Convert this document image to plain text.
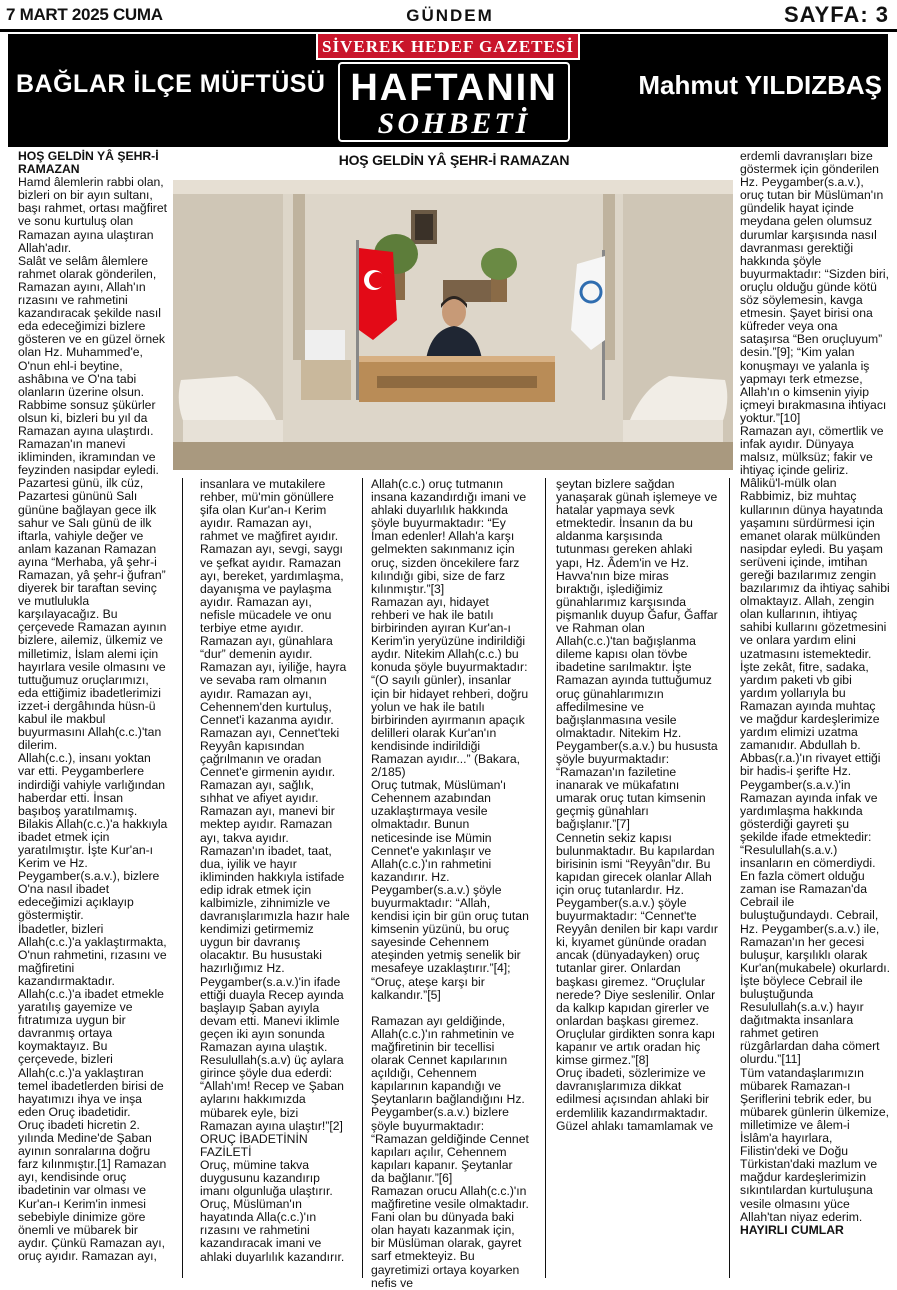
7 MART 2025 CUMA	GÜNDEM	SAYFA: 3
SİVEREK HEDEF GAZETESİ
BAĞLAR İLÇE MÜFTÜSÜ HAFTANIN
SOHBETİ
Mahmut YILDIZBAŞ
HOŞ GELDİN YÂ ŞEHR-İ RAMAZAN

HOŞ GELDİN YÂ ŞEHR-İ RAMAZAN

Hamd âlemlerin rabbi olan, bizleri on bir ayın sultanı, başı rahmet, ortası mağfiret ve sonu kurtuluş olan Ramazan ayına ulaştıran Allah'adır.

Salât ve selâm âlemlere rahmet olarak gönderilen, Ramazan ayını, Allah'ın rızasını ve rahmetini kazandıracak şekilde nasıl eda edeceğimizi bizlere gösteren ve en güzel örnek olan Hz. Muhammed'e, O'nun ehl-i beytine, ashâbına ve O'na tabi olanların üzerine olsun. Rabbime sonsuz şükürler olsun ki, bizleri bu yıl da Ramazan ayına ulaştırdı. Ramazan'ın manevi ikliminden, ikramından ve feyzinden nasipdar eyledi. Pazartesi günü, ilk cüz, Pazartesi gününü Salı gününe bağlayan gece ilk sahur ve Salı günü de ilk iftarla, vahiyle değer ve anlam kazanan Ramazan ayına “Merhaba, yâ şehr-i Ramazan, yâ şehr-i ğufran” diyerek bir taraftan sevinç ve mutlulukla karşılayacağız. Bu çerçevede Ramazan ayının bizlere, ailemiz, ülkemiz ve milletimiz, İslam alemi için hayırlara vesile olmasını ve tuttuğumuz oruçlarımızı, eda ettiğimiz ibadetlerimizi izzet-i dergâhında hüsn-ü kabul ile makbul buyurmasını Allah(c.c.)'tan dilerim.

Allah(c.c.), insanı yoktan var etti. Peygamberlere indirdiği vahiyle varlığından haberdar etti. İnsan başıboş yaratılmamış. Bilakis Allah(c.c.)'a hakkıyla ibadet etmek için yaratılmıştır. İşte Kur'an-ı Kerim ve Hz. Peygamber(s.a.v.), bizlere O'na nasıl ibadet edeceğimizi açıklayıp göstermiştir.

İbadetler, bizleri Allah(c.c.)'a yaklaştırmakta, O'nun rahmetini, rızasını ve mağfiretini kazandırmaktadır. Allah(c.c.)'a ibadet etmekle yaratılış gayemize ve fıtratımıza uygun bir davranmış ortaya koymaktayız. Bu çerçevede, bizleri Allah(c.c.)'a yaklaştıran temel ibadetlerden birisi de hayatımızı ihya ve inşa eden Oruç ibadetidir.

Oruç ibadeti hicretin 2. yılında Medine'de Şaban ayının sonralarına doğru farz kılınmıştır.[1] Ramazan ayı, kendisinde oruç ibadetinin var olması ve Kur'an-ı Kerim'in inmesi sebebiyle dinimize göre önemli ve mübarek bir aydır. Çünkü Ramazan ayı, oruç ayıdır. Ramazan ayı,

insanlara ve mutakilere rehber, mü'min gönüllere şifa olan Kur'an-ı Kerim ayıdır. Ramazan ayı, rahmet ve mağfiret ayıdır. Ramazan ayı, sevgi, saygı ve şefkat ayıdır. Ramazan ayı, bereket, yardımlaşma, dayanışma ve paylaşma ayıdır. Ramazan ayı, nefisle mücadele ve onu terbiye etme ayıdır. Ramazan ayı, günahlara “dur” demenin ayıdır. Ramazan ayı, iyiliğe, hayra ve sevaba ram olmanın ayıdır. Ramazan ayı, Cehennem'den kurtuluş, Cennet'i kazanma ayıdır. Ramazan ayı, Cennet'teki Reyyân kapısından çağrılmanın ve oradan Cennet'e girmenin ayıdır. Ramazan ayı, sağlık, sıhhat ve afiyet ayıdır. Ramazan ayı, manevi bir mektep ayıdır. Ramazan ayı, takva ayıdır. Ramazan'ın ibadet, taat, dua, iyilik ve hayır ikliminden hakkıyla istifade edip idrak etmek için kalbimizle, zihnimizle ve davranışlarımızla hazır hale kendimizi getirmemiz uygun bir davranış olacaktır. Bu husustaki hazırlığımız Hz. Peygamber(s.a.v.)'in ifade ettiği duayla Recep ayında başlayıp Şaban ayıyla devam etti. Manevi iklimle geçen iki ayın sonunda Ramazan ayına ulaştık. Resulullah(s.a.v) üç aylara girince şöyle dua ederdi: “Allah'ım! Recep ve Şaban aylarını hakkımızda mübarek eyle, bizi Ramazan ayına ulaştır!”[2]

ORUÇ İBADETİNİN FAZİLETİ

Oruç, mümine takva duygusunu kazandırıp imanı olgunluğa ulaştırır. Oruç, Müslüman'ın hayatında Alla(c.c.)'ın rızasını ve rahmetini kazandıracak imani ve ahlaki duyarlılık kazandırır.

Allah(c.c.) oruç tutmanın insana kazandırdığı imani ve ahlaki duyarlılık hakkında şöyle buyurmaktadır: “Ey İman edenler! Allah'a karşı gelmekten sakınmanız için oruç, sizden öncekilere farz kılındığı gibi, size de farz kılınmıştır.”[3]

Ramazan ayı, hidayet rehberi ve hak ile batılı birbirinden ayıran Kur'an-ı Kerim'in yeryüzüne indirildiği aydır. Nitekim Allah(c.c.) bu konuda şöyle buyurmaktadır: “(O sayılı günler), insanlar için bir hidayet rehberi, doğru yolun ve hak ile batılı birbirinden ayırmanın apaçık delilleri olarak Kur'an'ın kendisinde indirildiği Ramazan ayıdır...” (Bakara, 2/185)

Oruç tutmak, Müslüman'ı Cehennem azabından uzaklaştırmaya vesile olmaktadır. Bunun neticesinde ise Mümin Cennet'e yakınlaşır ve Allah(c.c.)'ın rahmetini kazandırır. Hz. Peygamber(s.a.v.) şöyle buyurmaktadır: “Allah, kendisi için bir gün oruç tutan kimsenin yüzünü, bu oruç sayesinde Cehennem ateşinden yetmiş senelik bir mesafeye uzaklaştırır.”[4]; “Oruç, ateşe karşı bir kalkandır.”[5]

Ramazan ayı geldiğinde, Allah(c.c.)'ın rahmetinin ve mağfiretinin bir tecellisi olarak Cennet kapılarının açıldığı, Cehennem kapılarının kapandığı ve Şeytanların bağlandığını Hz. Peygamber(s.a.v.) bizlere şöyle buyurmaktadır: “Ramazan geldiğinde Cennet kapıları açılır, Cehennem kapıları kapanır. Şeytanlar da bağlanır.”[6]

Ramazan orucu Allah(c.c.)'ın mağfiretine vesile olmaktadır. Fani olan bu dünyada baki olan hayatı kazanmak için, bir Müslüman olarak, gayret sarf etmekteyiz. Bu gayretimizi ortaya koyarken nefis ve

şeytan bizlere sağdan yanaşarak günah işlemeye ve hatalar yapmaya sevk etmektedir. İnsanın da bu aldanma karşısında tutunması gereken ahlaki yapı, Hz. Âdem'in ve Hz. Havva'nın bize miras bıraktığı, işlediğimiz günahlarımız karşısında pişmanlık duyup Ğafur, Ğaffar ve Rahman olan Allah(c.c.)'tan bağışlanma dileme kapısı olan tövbe ibadetine sarılmaktır. İşte Ramazan ayında tuttuğumuz oruç günahlarımızın affedilmesine ve bağışlanmasına vesile olmaktadır. Nitekim Hz. Peygamber(s.a.v.) bu hususta şöyle buyurmaktadır: “Ramazan'ın faziletine inanarak ve mükafatını umarak oruç tutan kimsenin geçmiş günahları bağışlanır.”[7]

Cennetin sekiz kapısı bulunmaktadır. Bu kapılardan birisinin ismi “Reyyân”dır. Bu kapıdan girecek olanlar Allah için oruç tutanlardır. Hz. Peygamber(s.a.v.) şöyle buyurmaktadır: “Cennet'te Reyyân denilen bir kapı vardır ki, kıyamet gününde oradan ancak (dünyadayken) oruç tutanlar girer. Onlardan başkası giremez. “Oruçlular nerede? Diye seslenilir. Onlar da kalkıp kapıdan girerler ve onlardan başkası giremez. Oruçlular girdikten sonra kapı kapanır ve artık oradan hiç kimse girmez.”[8]

Oruç ibadeti, sözlerimize ve davranışlarımıza dikkat edilmesi açısından ahlaki bir erdemlilik kazandırmaktadır. Güzel ahlakı tamamlamak ve

erdemli davranışları bize göstermek için gönderilen Hz. Peygamber(s.a.v.), oruç tutan bir Müslüman'ın gündelik hayat içinde meydana gelen olumsuz durumlar karşısında nasıl davranması gerektiği hakkında şöyle buyurmaktadır: “Sizden biri, oruçlu olduğu günde kötü söz söylemesin, kavga etmesin. Şayet birisi ona küfreder veya ona sataşırsa “Ben oruçluyum” desin.”[9]; “Kim yalan konuşmayı ve yalanla iş yapmayı terk etmezse, Allah'ın o kimsenin yiyip içmeyi bırakmasına ihtiyacı yoktur.”[10]

Ramazan ayı, cömertlik ve infak ayıdır. Dünyaya malsız, mülksüz; fakir ve ihtiyaç içinde geliriz. Mâlikü'l-mülk olan Rabbimiz, biz muhtaç kullarının dünya hayatında yaşamını sürdürmesi için emanet olarak mülkünden nasipdar eyledi. Bu yaşam serüveni içinde, imtihan gereği bazılarımız zengin bazılarımız da ihtiyaç sahibi olmaktayız. Allah, zengin olan kullarının, ihtiyaç sahibi kullarını gözetmesini ve onlara yardım elini uzatmasını istemektedir. İşte zekât, fitre, sadaka, yardım paketi vb gibi yardım yollarıyla bu Ramazan ayında muhtaç ve mağdur kardeşlerimize yardım elimizi uzatma zamanıdır. Abdullah b. Abbas(r.a.)'ın rivayet ettiği bir hadis-i şerifte Hz. Peygamber(s.a.v.)'in Ramazan ayında infak ve yardımlaşma hakkında gösterdiği gayreti şu şekilde ifade etmektedir: “Resulullah(s.a.v.) insanların en cömerdiydi. En fazla cömert olduğu zaman ise Ramazan'da Cebrail ile buluştuğundaydı. Cebrail, Hz. Peygamber(s.a.v.) ile, Ramazan'ın her gecesi buluşur, karşılıklı olarak Kur'an(mukabele) okurlardı. İşte böylece Cebrail ile buluştuğunda Resulullah(s.a.v.) hayır dağıtmakta insanlara rahmet getiren rüzgârlardan daha cömert olurdu.”[11]

Tüm vatandaşlarımızın mübarek Ramazan-ı Şeriflerini tebrik eder, bu mübarek günlerin ülkemize, milletimize ve âlem-i İslâm'a hayırlara, Filistin'deki ve Doğu Türkistan'daki mazlum ve mağdur kardeşlerimizin sıkıntılardan kurtuluşuna vesile olmasını yüce Allah'tan niyaz ederim.

HAYIRLI CUMLAR
